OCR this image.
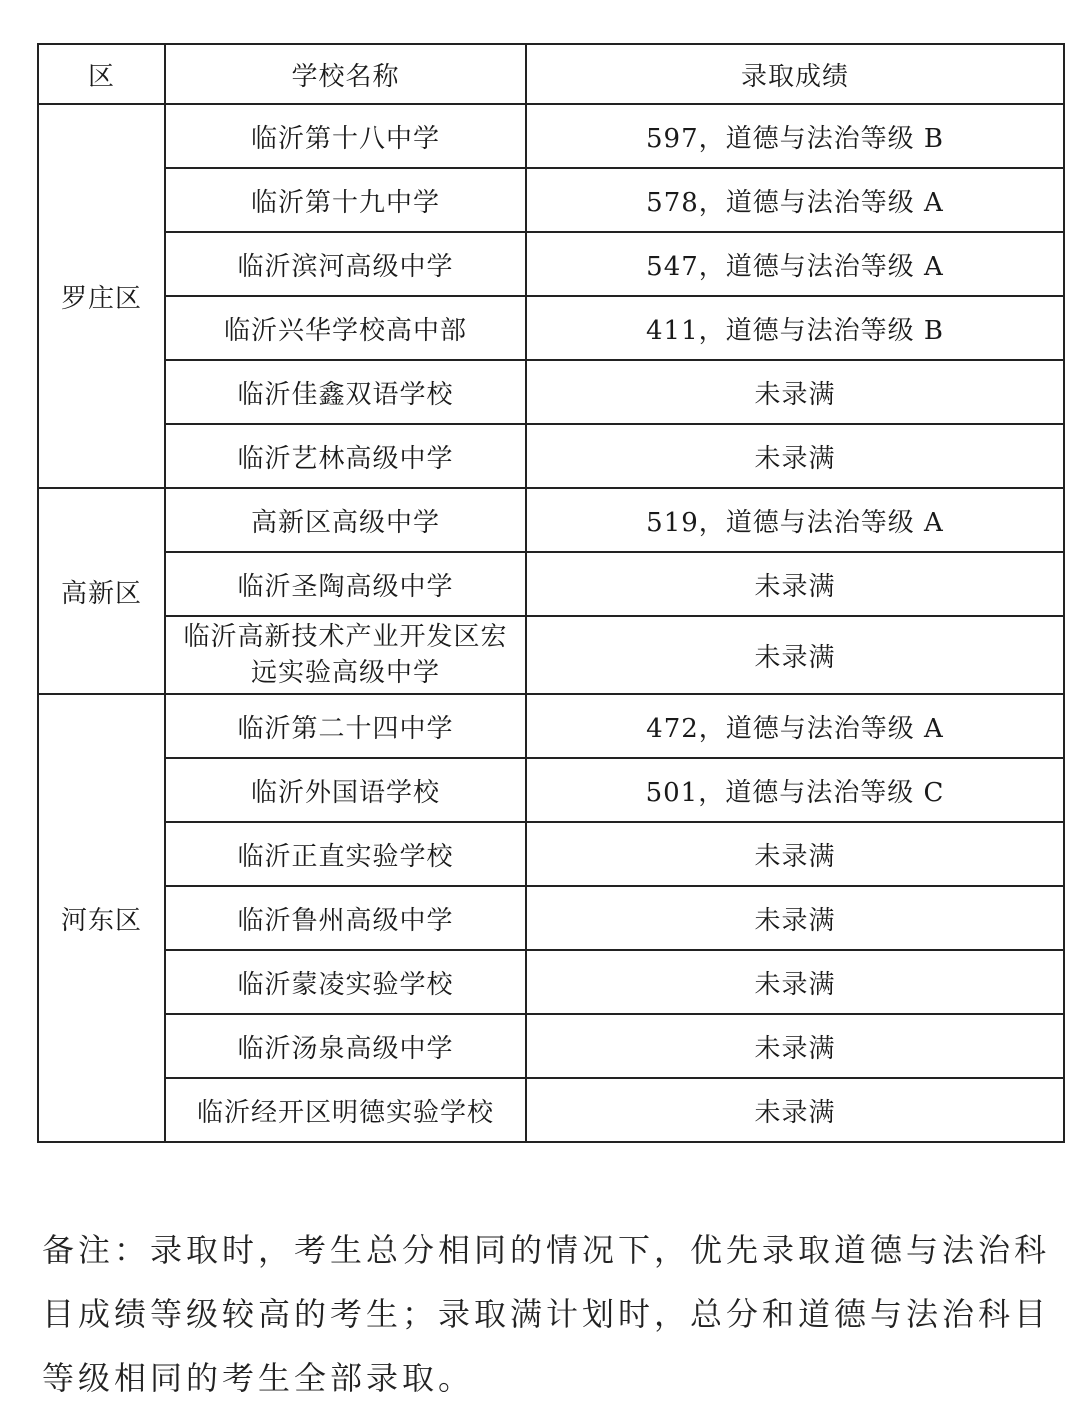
区	学校名称	录取成绩
罗庄区	临沂第十八中学	597，道德与法治等级 B
	临沂第十九中学	578，道德与法治等级 A
	临沂滨河高级中学	547，道德与法治等级 A
	临沂兴华学校高中部	411，道德与法治等级 B
	临沂佳鑫双语学校	未录满
	临沂艺林高级中学	未录满
高新区	高新区高级中学	519，道德与法治等级 A
	临沂圣陶高级中学	未录满
	临沂高新技术产业开发区宏远实验高级中学	未录满
河东区	临沂第二十四中学	472，道德与法治等级 A
	临沂外国语学校	501，道德与法治等级 C
	临沂正直实验学校	未录满
	临沂鲁州高级中学	未录满
	临沂蒙凌实验学校	未录满
	临沂汤泉高级中学	未录满
	临沂经开区明德实验学校	未录满

备注：录取时，考生总分相同的情况下，优先录取道德与法治科目成绩等级较高的考生；录取满计划时，总分和道德与法治科目等级相同的考生全部录取。
